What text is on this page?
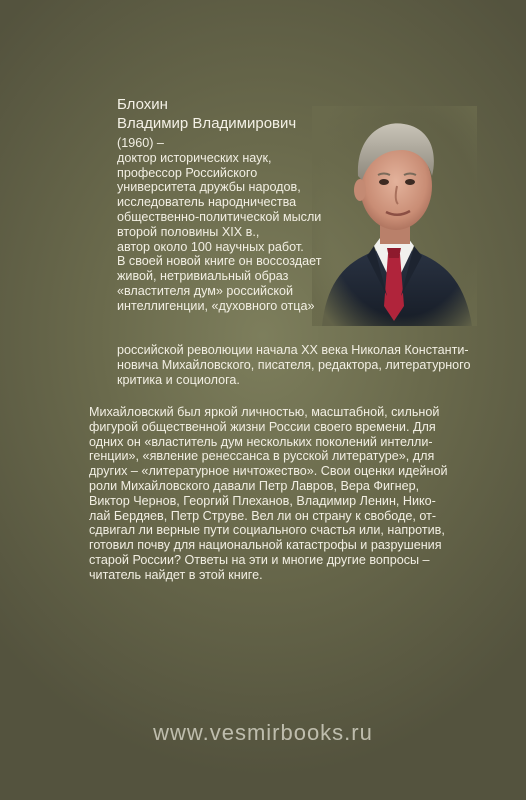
Блохин
Владимир Владимирович
(1960) –
доктор исторических наук,
профессор Российского
университета дружбы народов,
исследователь народничества
общественно-политической мысли
второй половины XIX в.,
автор около 100 научных работ.
В своей новой книге он воссоздает
живой, нетривиальный образ
«властителя дум» российской
интеллигенции, «духовного отца»
российской революции начала XX века Николая Константи-
новича Михайловского, писателя, редактора, литературного
критика и социолога.
Михайловский был яркой личностью, масштабной, сильной
фигурой общественной жизни России своего времени. Для
одних он «властитель дум нескольких поколений интелли-
генции», «явление ренессанса в русской литературе», для
других – «литературное ничтожество». Свои оценки идейной
роли Михайловского давали Петр Лавров, Вера Фигнер,
Виктор Чернов, Георгий Плеханов, Владимир Ленин, Нико-
лай Бердяев, Петр Струве. Вел ли он страну к свободе, от-
сдвигал ли верные пути социального счастья или, напротив,
готовил почву для национальной катастрофы и разрушения
старой России? Ответы на эти и многие другие вопросы –
читатель найдет в этой книге.
www.vesmirbooks.ru
